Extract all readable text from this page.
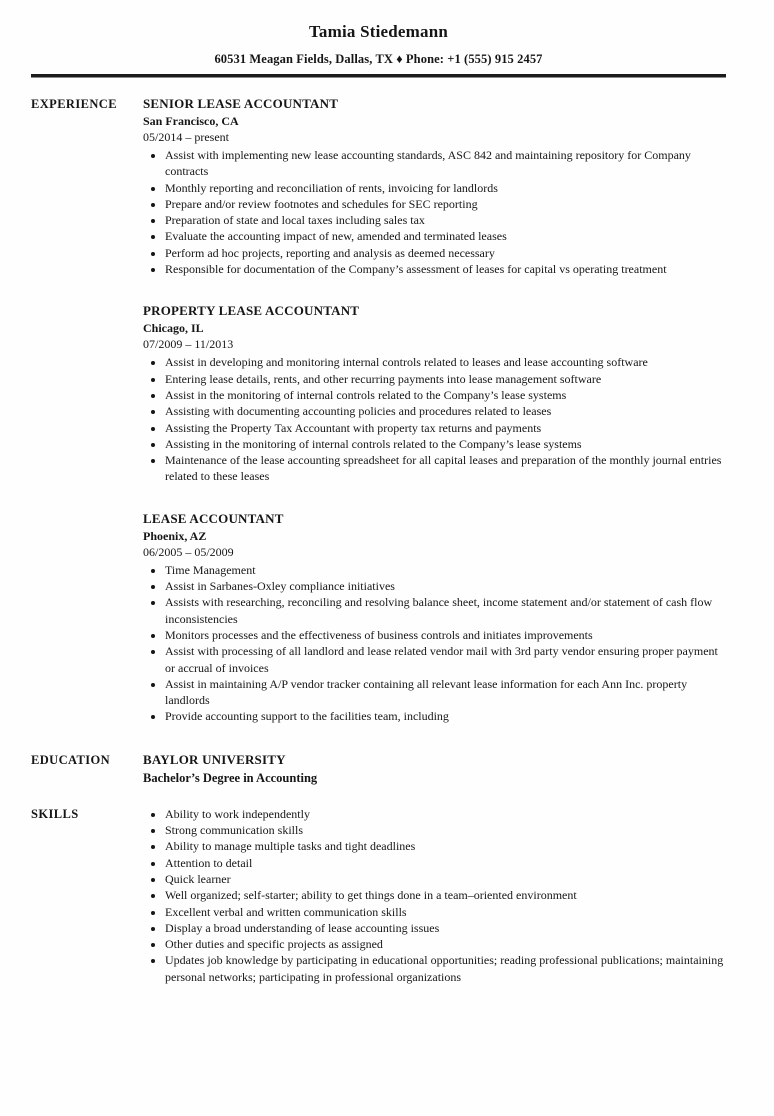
Tamia Stiedemann
60531 Meagan Fields, Dallas, TX ♦ Phone: +1 (555) 915 2457
EXPERIENCE	SENIOR LEASE ACCOUNTANT
San Francisco, CA
05/2014 – present
• Assist with implementing new lease accounting standards, ASC 842 and maintaining repository for Company contracts
• Monthly reporting and reconciliation of rents, invoicing for landlords
• Prepare and/or review footnotes and schedules for SEC reporting
• Preparation of state and local taxes including sales tax
• Evaluate the accounting impact of new, amended and terminated leases
• Perform ad hoc projects, reporting and analysis as deemed necessary
• Responsible for documentation of the Company’s assessment of leases for capital vs operating treatment
PROPERTY LEASE ACCOUNTANT
Chicago, IL
07/2009 – 11/2013
• Assist in developing and monitoring internal controls related to leases and lease accounting software
• Entering lease details, rents, and other recurring payments into lease management software
• Assist in the monitoring of internal controls related to the Company’s lease systems
• Assisting with documenting accounting policies and procedures related to leases
• Assisting the Property Tax Accountant with property tax returns and payments
• Assisting in the monitoring of internal controls related to the Company’s lease systems
• Maintenance of the lease accounting spreadsheet for all capital leases and preparation of the monthly journal entries related to these leases
LEASE ACCOUNTANT
Phoenix, AZ
06/2005 – 05/2009
• Time Management
• Assist in Sarbanes-Oxley compliance initiatives
• Assists with researching, reconciling and resolving balance sheet, income statement and/or statement of cash flow inconsistencies
• Monitors processes and the effectiveness of business controls and initiates improvements
• Assist with processing of all landlord and lease related vendor mail with 3rd party vendor ensuring proper payment or accrual of invoices
• Assist in maintaining A/P vendor tracker containing all relevant lease information for each Ann Inc. property landlords
• Provide accounting support to the facilities team, including
EDUCATION	BAYLOR UNIVERSITY
Bachelor’s Degree in Accounting
SKILLS	• Ability to work independently
• Strong communication skills
• Ability to manage multiple tasks and tight deadlines
• Attention to detail
• Quick learner
• Well organized; self-starter; ability to get things done in a team–oriented environment
• Excellent verbal and written communication skills
• Display a broad understanding of lease accounting issues
• Other duties and specific projects as assigned
• Updates job knowledge by participating in educational opportunities; reading professional publications; maintaining personal networks; participating in professional organizations
